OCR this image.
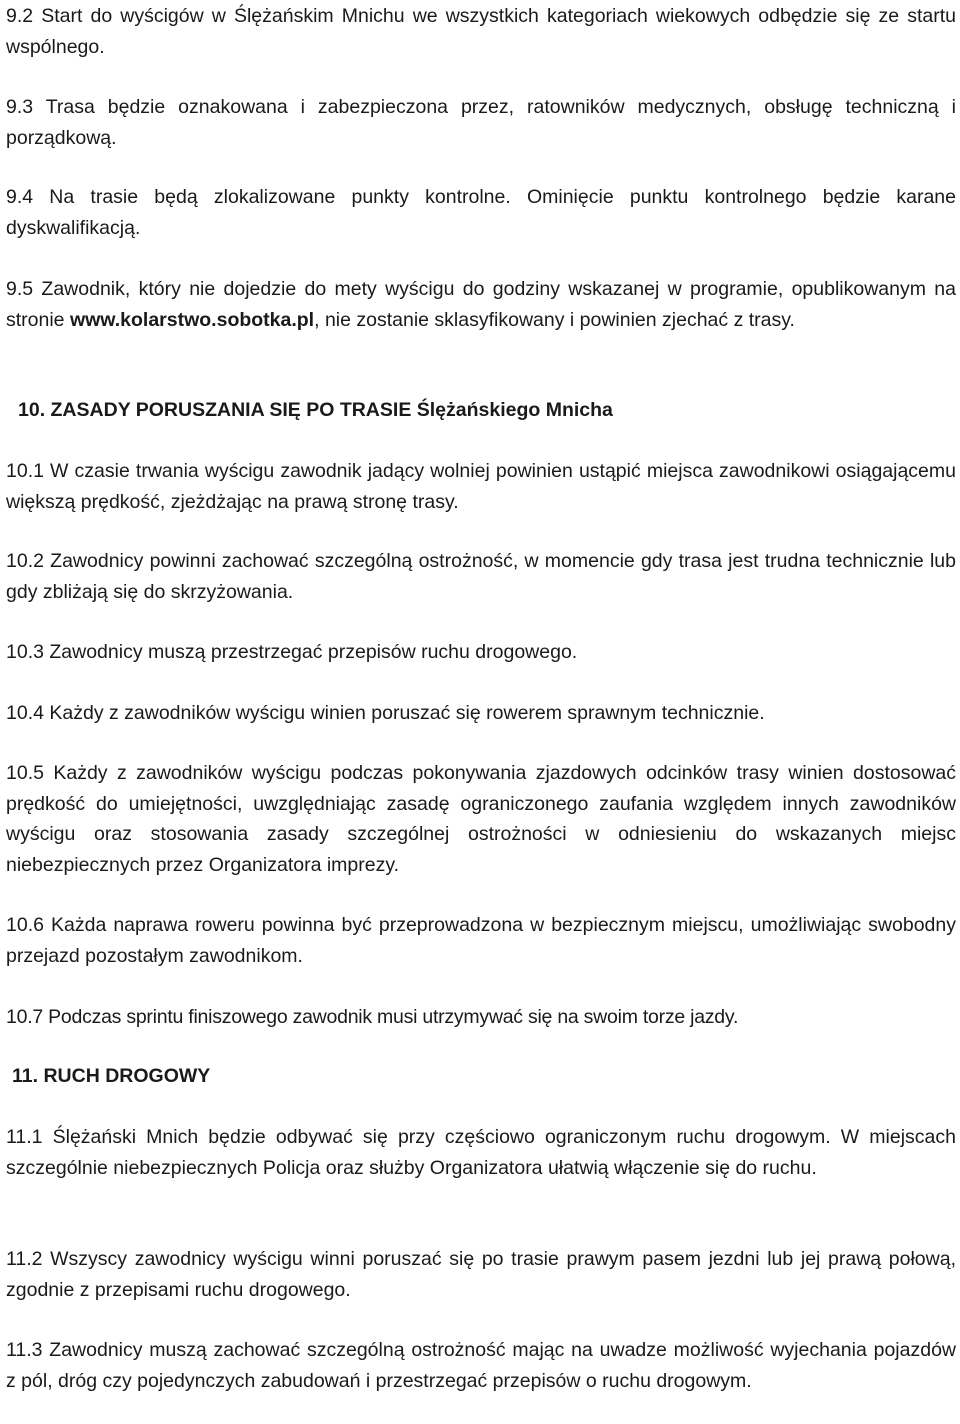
9.2 Start do wyścigów w Ślężańskim Mnichu we wszystkich kategoriach wiekowych odbędzie się ze startu wspólnego.

9.3 Trasa będzie oznakowana i zabezpieczona przez, ratowników medycznych, obsługę techniczną i porządkową.

9.4 Na trasie będą zlokalizowane punkty kontrolne. Ominięcie punktu kontrolnego będzie karane dyskwalifikacją.

9.5 Zawodnik, który nie dojedzie do mety wyścigu do godziny wskazanej w programie, opublikowanym na stronie www.kolarstwo.sobotka.pl, nie zostanie sklasyfikowany i powinien zjechać z trasy.

10. ZASADY PORUSZANIA SIĘ PO TRASIE Ślężańskiego Mnicha

10.1 W czasie trwania wyścigu zawodnik jadący wolniej powinien ustąpić miejsca zawodnikowi osiągającemu większą prędkość, zjeżdżając na prawą stronę trasy.

10.2 Zawodnicy powinni zachować szczególną ostrożność, w momencie gdy trasa jest trudna technicznie lub gdy zbliżają się do skrzyżowania.

10.3 Zawodnicy muszą przestrzegać przepisów ruchu drogowego.

10.4 Każdy z zawodników wyścigu winien poruszać się rowerem sprawnym technicznie.

10.5 Każdy z zawodników wyścigu podczas pokonywania zjazdowych odcinków trasy winien dostosować prędkość do umiejętności, uwzględniając zasadę ograniczonego zaufania względem innych zawodników wyścigu oraz stosowania zasady szczególnej ostrożności w odniesieniu do wskazanych miejsc niebezpiecznych przez Organizatora imprezy.

10.6 Każda naprawa roweru powinna być przeprowadzona w bezpiecznym miejscu, umożliwiając swobodny przejazd pozostałym zawodnikom.

10.7 Podczas sprintu finiszowego zawodnik musi utrzymywać się na swoim torze jazdy.

11. RUCH DROGOWY

11.1 Ślężański Mnich będzie odbywać się przy częściowo ograniczonym ruchu drogowym. W miejscach szczególnie niebezpiecznych Policja oraz służby Organizatora ułatwią włączenie się do ruchu.

11.2 Wszyscy zawodnicy wyścigu winni poruszać się po trasie prawym pasem jezdni lub jej prawą połową, zgodnie z przepisami ruchu drogowego.

11.3 Zawodnicy muszą zachować szczególną ostrożność mając na uwadze możliwość wyjechania pojazdów z pól, dróg czy pojedynczych zabudowań i przestrzegać przepisów o ruchu drogowym.
